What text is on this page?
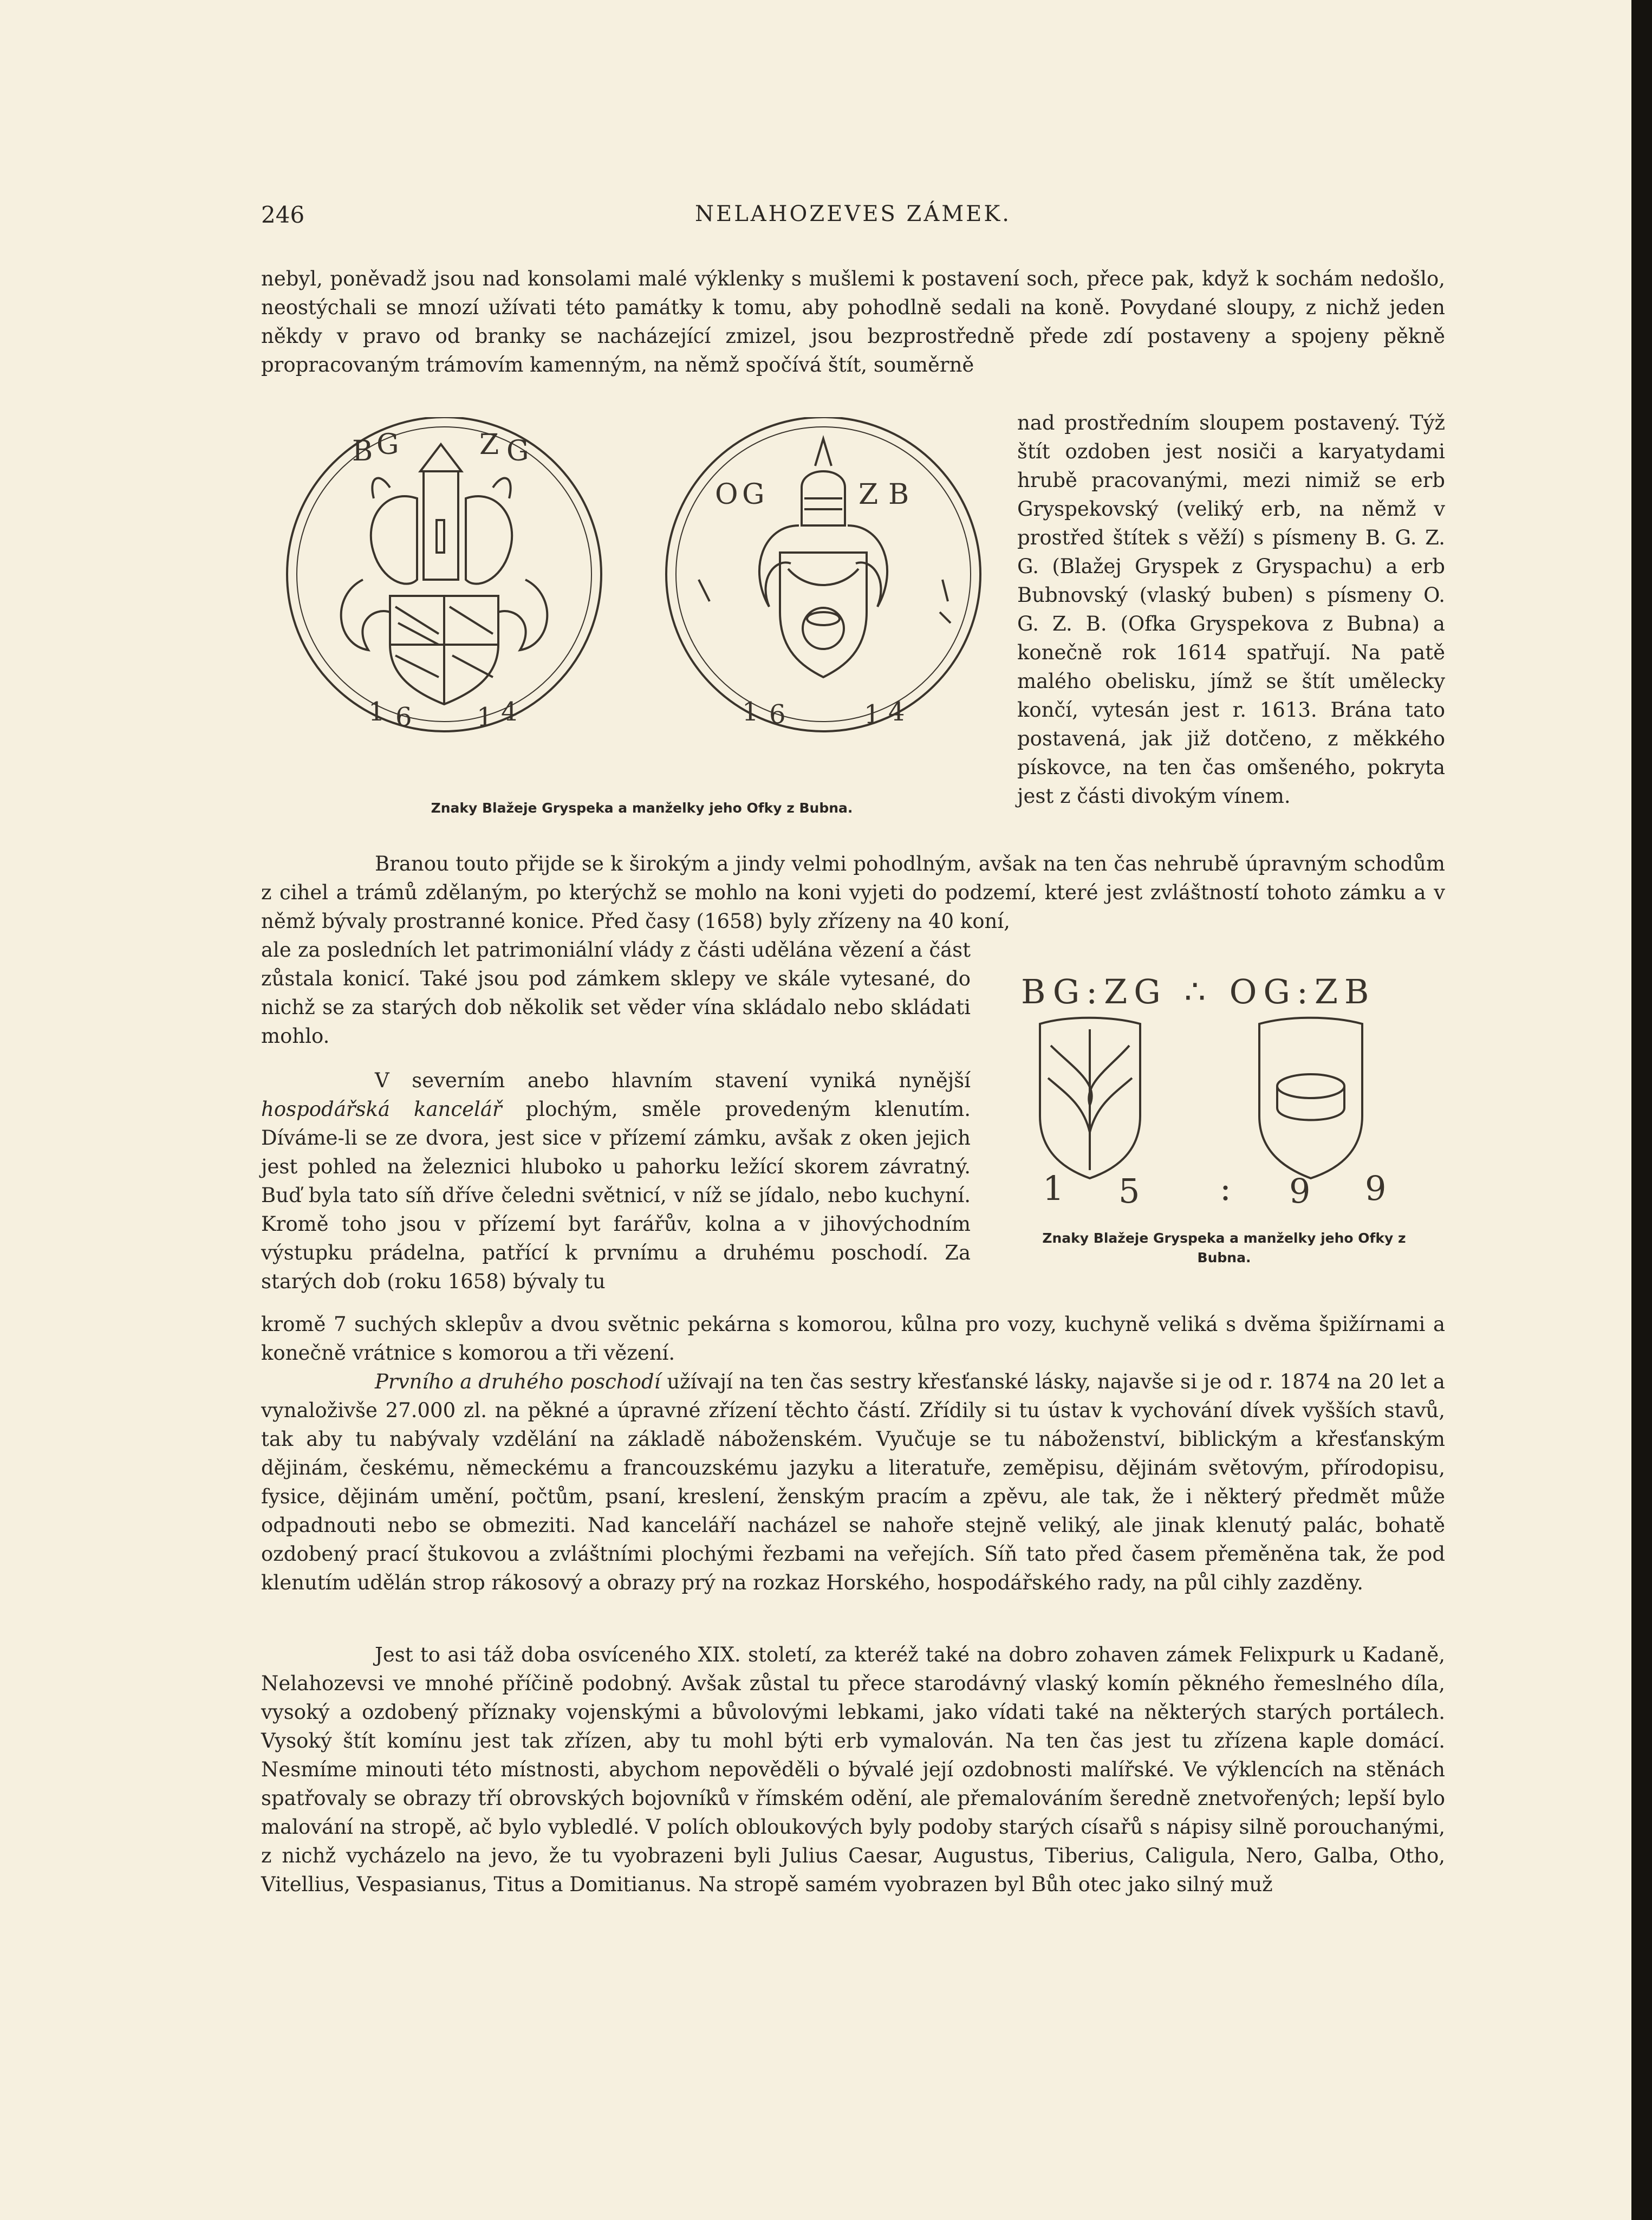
246	NELAHOZEVES ZÁMEK.
nebyl, poněvadž jsou nad konsolami malé výklenky s mušlemi k postavení soch, přece pak, když k sochám nedošlo, neostýchali se mnozí užívati této památky k tomu, aby pohodlně sedali na koně. Povydané sloupy, z nichž jeden někdy v pravo od branky se nacházející zmizel, jsou bezprostředně přede zdí postaveny a spojeny pěkně propracovaným trámovím kamenným, na němž spočívá štít, souměrně
nad prostředním sloupem postavený. Týž štít ozdoben jest nosiči a karyatydami hrubě pracovanými, mezi nimiž se erb Gryspekovský (veliký erb, na němž v prostřed štítek s věží) s písmeny B. G. Z. G. (Blažej Gryspek z Gryspachu) a erb Bubnovský (vlaský buben) s písmeny O. G. Z. B. (Ofka Gryspekova z Bubna) a konečně rok 1614 spatřují. Na patě malého obelisku, jímž se štít umělecky končí, vytesán jest r. 1613. Brána tato postavená, jak již dotčeno, z měkkého pískovce, na ten čas omšeného, pokryta jest z části divokým vínem.
B G	Z G
1 6 1 4
O G	Z B
1 6	1 4
Znaky Blažeje Gryspeka a manželky jeho Ofky z Bubna.
Branou touto přijde se k širokým a jindy velmi pohodlným, avšak na ten čas nehrubě úpravným schodům z cihel a trámů zdělaným, po kterýchž se mohlo na koni vyjeti do podzemí, které jest zvláštností tohoto zámku a v němž bývaly prostranné konice. Před časy (1658) byly zřízeny na 40 koní,
ale za posledních let patrimoniální vlády z části udělána vězení a část zůstala konicí. Také jsou pod zámkem sklepy ve skále vytesané, do nichž se za starých dob několik set věder vína skládalo nebo skládati mohlo.
V severním anebo hlavním stavení vyniká nynější hospodářská kancelář plochým, směle provedeným klenutím. Díváme-li se ze dvora, jest sice v přízemí zámku, avšak z oken jejich jest pohled na železnici hluboko u pahorku ležící skorem závratný. Buď byla tato síň dříve čeledni světnicí, v níž se jídalo, nebo kuchyní. Kromě toho jsou v přízemí byt farářův, kolna a v jihovýchodním výstupku prádelna, patřící k prvnímu a druhému poschodí. Za starých dob (roku 1658) bývaly tu
BG:ZG ∴ OG:ZB
1 5 : 9 9
Znaky Blažeje Gryspeka a manželky jeho Ofky z Bubna.
kromě 7 suchých sklepův a dvou světnic pekárna s komorou, kůlna pro vozy, kuchyně veliká s dvěma špižírnami a konečně vrátnice s komorou a tři vězení.
Prvního a druhého poschodí užívají na ten čas sestry křesťanské lásky, najavše si je od r. 1874 na 20 let a vynaloživše 27.000 zl. na pěkné a úpravné zřízení těchto částí. Zřídily si tu ústav k vychování dívek vyšších stavů, tak aby tu nabývaly vzdělání na základě náboženském. Vyučuje se tu náboženství, biblickým a křesťanským dějinám, českému, německému a francouzskému jazyku a literatuře, zeměpisu, dějinám světovým, přírodopisu, fysice, dějinám umění, počtům, psaní, kreslení, ženským pracím a zpěvu, ale tak, že i některý předmět může odpadnouti nebo se obmeziti. Nad kanceláří nacházel se nahoře stejně veliký, ale jinak klenutý palác, bohatě ozdobený prací štukovou a zvláštními plochými řezbami na veřejích. Síň tato před časem přeměněna tak, že pod klenutím udělán strop rákosový a obrazy prý na rozkaz Horského, hospodářského rady, na půl cihly zazděny.
Jest to asi táž doba osvíceného XIX. století, za kteréž také na dobro zohaven zámek Felixpurk u Kadaně, Nelahozevsi ve mnohé příčině podobný. Avšak zůstal tu přece starodávný vlaský komín pěkného řemeslného díla, vysoký a ozdobený příznaky vojenskými a bůvolovými lebkami, jako vídati také na některých starých portálech. Vysoký štít komínu jest tak zřízen, aby tu mohl býti erb vymalován. Na ten čas jest tu zřízena kaple domácí. Nesmíme minouti této místnosti, abychom nepověděli o bývalé její ozdobnosti malířské. Ve výklencích na stěnách spatřovaly se obrazy tří obrovských bojovníků v římském odění, ale přemalováním šeredně znetvořených; lepší bylo malování na stropě, ač bylo vybledlé. V polích obloukových byly podoby starých císařů s nápisy silně porouchanými, z nichž vycházelo na jevo, že tu vyobrazeni byli Julius Caesar, Augustus, Tiberius, Caligula, Nero, Galba, Otho, Vitellius, Vespasianus, Titus a Domitianus. Na stropě samém vyobrazen byl Bůh otec jako silný muž
